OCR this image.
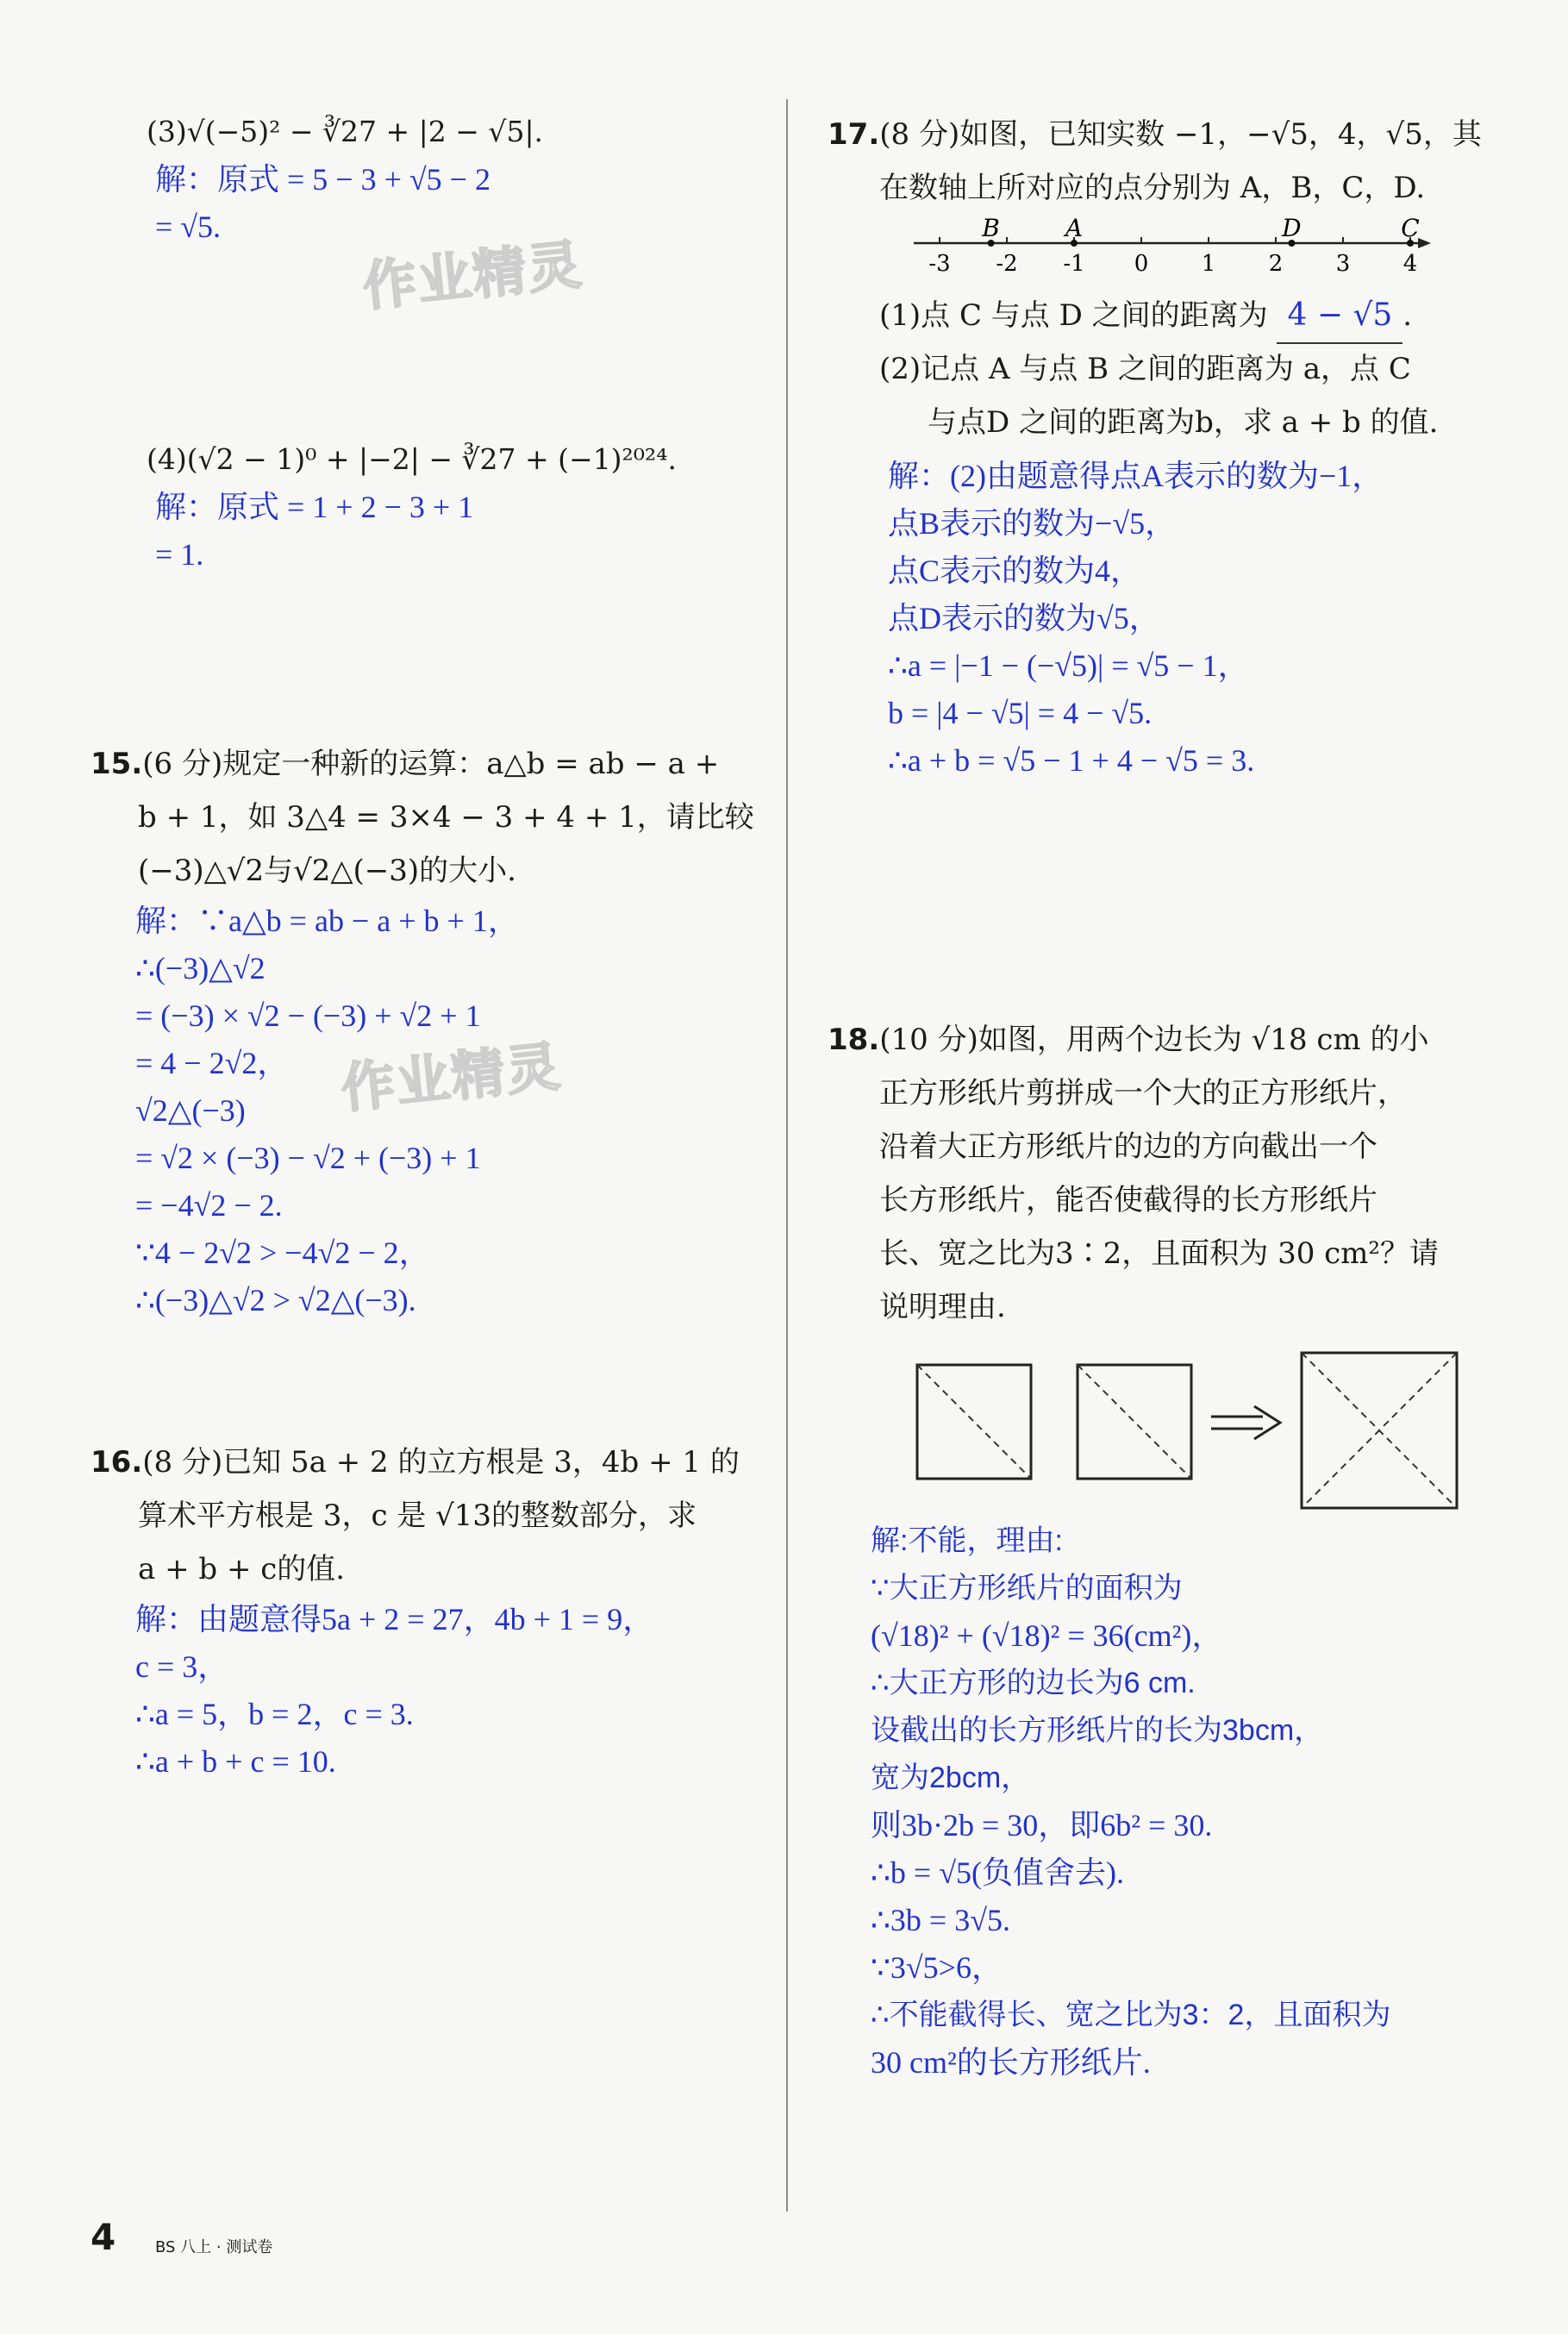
作业精灵
作业精灵
(3)√(−5)² − ∛27 + |2 − √5|.
解：原式 = 5 − 3 + √5 − 2
= √5.
(4)(√2 − 1)⁰ + |−2| − ∛27 + (−1)²⁰²⁴.
解：原式 = 1 + 2 − 3 + 1
= 1.
15.(6 分)规定一种新的运算：a△b = ab − a +
b + 1，如 3△4 = 3×4 − 3 + 4 + 1，请比较
(−3)△√2与√2△(−3)的大小.
解：∵a△b = ab − a + b + 1，
∴(−3)△√2
= (−3) × √2 − (−3) + √2 + 1
= 4 − 2√2，
√2△(−3)
= √2 × (−3) − √2 + (−3) + 1
= −4√2 − 2.
∵4 − 2√2 > −4√2 − 2，
∴(−3)△√2 > √2△(−3).
16.(8 分)已知 5a + 2 的立方根是 3，4b + 1 的
算术平方根是 3，c 是 √13的整数部分，求
a + b + c的值.
解：由题意得5a + 2 = 27，4b + 1 = 9，
c = 3，
∴a = 5，b = 2，c = 3.
∴a + b + c = 10.
17.(8 分)如图，已知实数 −1，−√5，4，√5，其
在数轴上所对应的点分别为 A，B，C，D.
-3 -2 -1 0 1 2 3 4
B	A	D	C
(1)点 C 与点 D 之间的距离为 4 − √5 .
(2)记点 A 与点 B 之间的距离为 a，点 C
与点D 之间的距离为b，求 a + b 的值.
解：(2)由题意得点A表示的数为−1，
点B表示的数为−√5，
点C表示的数为4，
点D表示的数为√5，
∴a = |−1 − (−√5)| = √5 − 1，
b = |4 − √5| = 4 − √5.
∴a + b = √5 − 1 + 4 − √5 = 3.
18.(10 分)如图，用两个边长为 √18 cm 的小
正方形纸片剪拼成一个大的正方形纸片，
沿着大正方形纸片的边的方向截出一个
长方形纸片，能否使截得的长方形纸片
长、宽之比为3∶2，且面积为 30 cm²？请
说明理由.
解:不能，理由:
∵大正方形纸片的面积为
(√18)² + (√18)² = 36(cm²)，
∴大正方形的边长为6 cm.
设截出的长方形纸片的长为3bcm，
宽为2bcm，
则3b·2b = 30，即6b² = 30.
∴b = √5(负值舍去).
∴3b = 3√5.
∵3√5>6，
∴不能截得长、宽之比为3：2，且面积为
30 cm²的长方形纸片.
4	BS 八上 · 测试卷
